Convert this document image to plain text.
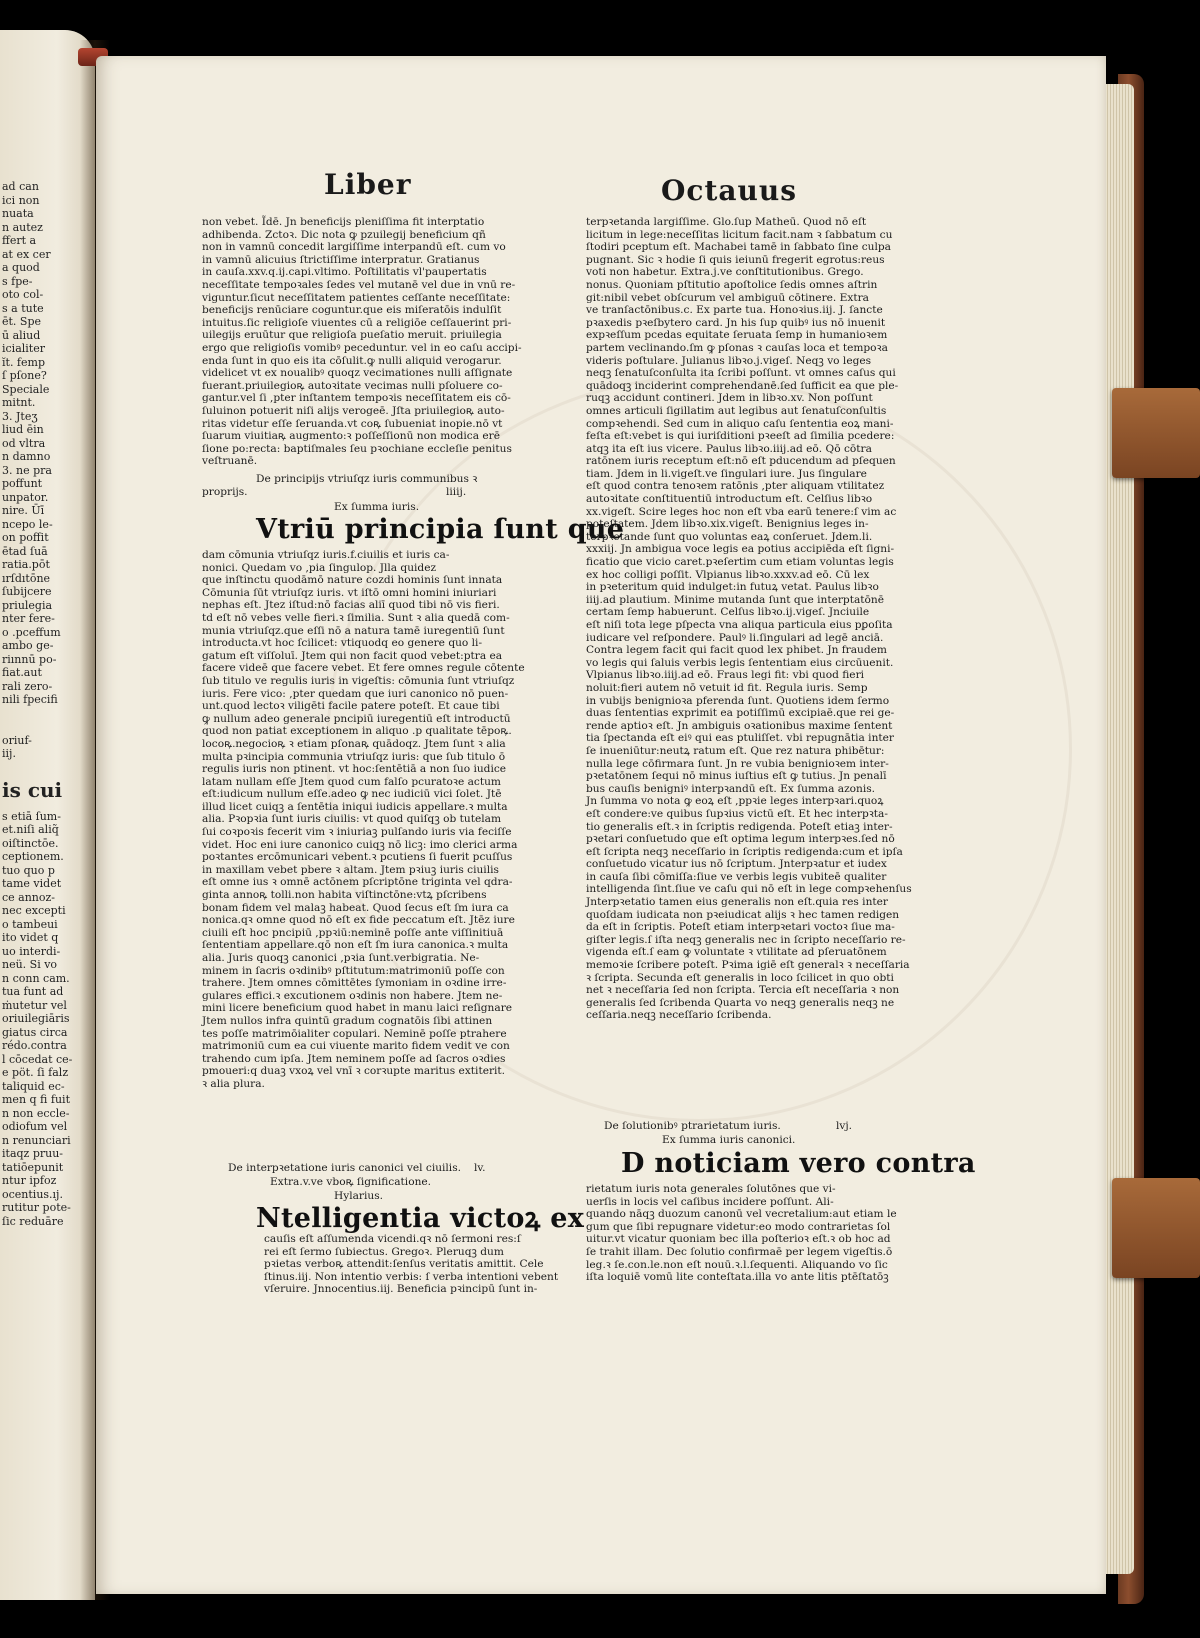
ad can
ici non
nuata
n autez
ffert a
at ex cer
a quod
s fpe-
oto col-
s a tute
ēt. Spe
ū aliud
icialiter
ĭt. femp
ſ pſone?
Speciale
mitnt.
3. Jteʒ
liud ēin
od vltra
n damno
3. ne pra
poffunt
unpator.
nire. Ūī
ncepo le-
on poffit
ētad ſuā
ratia.pōt
ırſdıtōne
ſubijcere
priulegia
nter fere-
o .pceffum
ambo ge-
riınnū po-
fiat.aut
rali zero-
nili fpecifi
oriuf-
iij.
is cui
s etiā ſum-
et.niſi aliq̃
oiſtinctōe.
ceptionem.
tuo quo p
tame videt
ce annoz-
nec excepti
o tambeui
ito videt q
uo interdi-
neü. Si vo
n conn cam.
tua funt ad
ṁutetur vel
oriuilegiāris
giatus circa
rédo.contra
l cōcedat ce-
e pöt. ſi falz
taliquid ec-
men q fi fuit
n non eccle-
odiofum vel
n renunciari
itaqz pruu-
tatiōepunit
ntur ipfoz
ocentius.ıj.
rutitur pote-
ſic reduāre
Liber	Octauus
non vebet. Ĩdē. Jn beneficijs pleniſſima fit interptatio
adhibenda. Zctoꝛ. Dic nota ꝙ pzuilegij beneficium qñ
non in vamnū concedit largiſſime interpandū eſt. cum vo
in vamnū alicuius ſtrictiſſime interpratur. Gratianus
in cauſa.xxv.q.ij.capi.vltimo. Poſtilitatis vl'paupertatis
neceſſitate tempoꝛales ſedes vel mutanē vel due in vnū re-
viguntur.ſicut neceſſitatem patientes ceſſante neceſſitate:
beneficijs renūciare coguntur.que eis miſeratōis indulſit
intuitus.ſic religioſe viuentes cū a religiōe ceſſauerint pri-
uilegijs eruūtur que religioſa pueſatio meruit. priuilegia
ergo que religioſis vomibꝰ peceduntur. vel in eo caſu accipi-
enda ſunt in quo eis ita cōſulit.ꝙ nulli aliquid verogarur.
videlicet vt ex noualibꝰ quoqz vecimationes nulli aſſignate
fuerant.priuilegioꝶ autoꝛitate vecimas nulli pſoluere co-
gantur.vel ſi ,pter inſtantem tempoꝛis neceſſitatem eis cō-
ſuluinon potuerit niſi alijs verogeē. Jſta priuilegioꝶ auto-
ritas videtur eſſe ſeruanda.vt coꝶ ſubueniat inopie.nō vt
ſuarum viuitiaꝶ augmento:ꝛ poſſeſſionū non modica erē
ſione po:recta: baptiſmales ſeu pꝛochiane eccleſie penitus
veſtruanē.
De principijs vtriuſqz iuris communibus ꝛ
proprijs.	liiij.
Ex ſumma iuris.
Vtriū principia ſunt que
dam cōmunia vtriuſqz iuris.f.ciuilis et iuris ca-
nonici. Quedam vo ,pia ſingulop. Jlla quidez
que inſtinctu quodāmō nature cozdi hominis ſunt innata
Cōmunia ſūt vtriuſqz iuris. vt iſtō omni homini iniuriari
nephas eſt. Jtez iſtud:nō facias aliī quod tibi nō vis fieri.
td eſt nō vebes velle fieri.ꝛ ſimilia. Sunt ꝛ alia quedā com-
munia vtriuſqz.que eſſi nō a natura tamē iuregentiū ſunt
introducta.vt hoc ſcilicet: vtiquodq eo genere quo li-
gatum eſt viſſoluī. Jtem qui non facit quod vebet:ptra ea
facere videē que facere vebet. Et fere omnes regule cōtente
ſub titulo ve regulis iuris in vigeſtis: cōmunia ſunt vtriuſqz
iuris. Fere vico: ,pter quedam que iuri canonico nō puen-
unt.quod lectoꝛ viligēti facile patere poteſt. Et caue tibi
ꝙ nullum adeo generale pncipiū iuregentiū eſt introductū
quod non patiat exceptionem in aliquo .p qualitate tēpoꝶ.
locoꝶ.negocioꝶ ꝛ etiam pſonaꝶ quādoqz. Jtem ſunt ꝛ alia
multa pꝛincipia communia vtriuſqz iuris: que ſub titulo ō
regulis iuris non ptinent. vt hoc:ſentētiā a non ſuo iudice
latam nullam eſſe Jtem quod cum falſo pcuratoꝛe actum
eſt:iudicum nullum eſſe.adeo ꝙ nec iudiciū vici ſolet. Jtē
illud licet cuiqꝫ a ſentētia iniqui iudicis appellare.ꝛ multa
alia. Pꝛopꝛia ſunt iuris ciuilis: vt quod quiſqꝫ ob tutelam
ſui coꝛpoꝛis fecerit vim ꝛ iniuriaꝫ pulſando iuris via feciſſe
videt. Hoc eni iure canonico cuiqꝫ nō licꝫ: imo clerici arma
poꝛtantes ercōmunicari vebent.ꝛ pcutiens ſi fuerit pcuſſus
in maxillam vebet pbere ꝛ altam. Jtem pꝛiuꝫ iuris ciuilis
eſt omne ius ꝛ omnē actōnem pſcriptōne triginta vel qdra-
ginta annoꝶ tolli.non habita viſtinctōne:vtꝝ pſcribens
bonam fidem vel malaꝫ habeat. Quod ſecus eſt ſm iura ca
nonica.qꝛ omne quod nō eſt ex fide peccatum eſt. Jtēz iure
ciuili eſt hoc pncipiū ,ppꝛiū:neminē poſſe ante viſſinitiuā
ſententiam appellare.qō non eſt ſm iura canonica.ꝛ multa
alia. Juris quoqꝫ canonici ,pꝛia ſunt.verbigratia. Ne-
minem in ſacris oꝛdinibꝰ pſtitutum:matrimoniū poſſe con
trahere. Jtem omnes cōmittētes ſymoniam in oꝛdine irre-
gulares effici.ꝛ excutionem oꝛdinis non habere. Jtem ne-
mini licere beneficium quod habet in manu laici reſignare
Jtem nullos infra quintū gradum cognatōis ſibi attinen
tes poſſe matrimōialiter copulari. Neminē poſſe ptrahere
matrimoniū cum ea cui viuente marito fidem vedit ve con
trahendo cum ipſa. Jtem neminem poſſe ad ſacros oꝛdies
pmoueri:q duaꝫ vxoꝝ vel vnī ꝛ corꝛupte maritus extiterit.
ꝛ alia plura.
De interpꝛetatione iuris canonici vel ciuilis. lv.
Extra.v.ve vboꝶ ſignificatione.
Hylarius.
Ntelligentia victoꝝ ex
cauſis eſt aſſumenda vicendi.qꝛ nō ſermoni res:ſ
rei eſt ſermo ſubiectus. Gregoꝛ. Pleruqꝫ dum
pꝛietas verboꝶ attendit:ſenſus veritatis amittit. Cele
ſtinus.iij. Non intentio verbis: ſ verba intentioni vebent
vſeruire. Jnnocentius.iij. Beneficia pꝛincipū ſunt in-
terpꝛetanda largiſſime. Glo.ſup Matheū. Quod nō eſt
licitum in lege:neceſſitas licitum facit.nam ꝛ ſabbatum cu
ſtodiri pceptum eſt. Machabei tamē in ſabbato ſine culpa
pugnant. Sic ꝛ hodie ſi quis ieiunū fregerit egrotus:reus
voti non habetur. Extra.j.ve conſtitutionibus. Grego.
nonus. Quoniam pſtitutio apoſtolice ſedis omnes aſtrin
git:nibil vebet obſcurum vel ambiguū cōtinere. Extra
ve tranſactōnibus.c. Ex parte tua. Honoꝛius.iij. J. ſancte
pꝛaxedis pꝛeſbytero card. Jn his ſup quibꝰ ius nō inuenit
expꝛeſſum pcedas equitate ſeruata ſemp in humanioꝛem
partem veclinando.ſm ꝙ pſonas ꝛ cauſas loca et tempoꝛa
videris poſtulare. Julianus libꝛo.j.vigeſ. Neqꝫ vo leges
neqꝫ ſenatuſconſulta ita ſcribi poſſunt. vt omnes caſus qui
quādoqꝫ inciderint comprehendanē.ſed ſufficit ea que ple-
ruqꝫ accidunt contineri. Jdem in libꝛo.xv. Non poſſunt
omnes articuli ſigillatim aut legibus aut ſenatuſconſultis
compꝛehendi. Sed cum in aliquo caſu ſententia eoꝝ mani-
feſta eſt:vebet is qui iuriſditioni pꝛeeſt ad ſimilia pcedere:
atqꝫ ita eſt ius vicere. Paulus libꝛo.iiij.ad eō. Qō cōtra
ratōnem iuris receptum eſt:nō eſt pducendum ad pſequen
tiam. Jdem in li.vigeſt.ve ſingulari iure. Jus ſingulare
eſt quod contra tenoꝛem ratōnis ,pter aliquam vtilitatez
autoꝛitate conſtituentiū introductum eſt. Celſius libꝛo
xx.vigeſt. Scire leges hoc non eſt vba earū tenere:ſ vim ac
poteſtatem. Jdem libꝛo.xix.vigeſt. Benignius leges in-
terpꝛetande ſunt quo voluntas eaꝝ conſeruet. Jdem.li.
xxxiij. Jn ambigua voce legis ea potius accipiēda eſt ſigni-
ficatio que vicio caret.pꝛeſertim cum etiam voluntas legis
ex hoc colligi poſſit. Vlpianus libꝛo.xxxv.ad eō. Cū lex
in pꝛeteritum quid indulget:in futuꝝ vetat. Paulus libꝛo
iiij.ad plautium. Minime mutanda ſunt que interptatōnē
certam ſemp habuerunt. Celſus libꝛo.ij.vigeſ. Jnciuile
eſt niſi tota lege pſpecta vna aliqua particula eius pꝑoſita
iudicare vel reſpondere. Paulꝰ li.ſingulari ad legē anciā.
Contra legem facit qui facit quod lex phibet. Jn fraudem
vo legis qui ſaluis verbis legis ſententiam eius circūuenit.
Vlpianus libꝛo.iiij.ad eō. Fraus legi fit: vbi quod fieri
noluit:fieri autem nō vetuit id fit. Regula iuris. Semp
in vubijs benignioꝛa pferenda ſunt. Quotiens idem ſermo
duas ſententias exprimit ea potiſſimū excipiaē.que rei ge-
rende aptioꝛ eſt. Jn ambiguis oꝛationibus maxime ſentent
tia ſpectanda eſt eiꝰ qui eas ptuliſſet. vbi repugnātia inter
ſe inueniūtur:neutꝝ ratum eſt. Que rez natura phibētur:
nulla lege cōfirmara ſunt. Jn re vubia benignioꝛem inter-
pꝛetatōnem ſequi nō minus iuſtius eſt ꝙ tutius. Jn penalī
bus cauſis benigniꝰ interpꝛandū eſt. Ex ſumma azonis.
Jn ſumma vo nota ꝙ eoꝝ eſt ,ppꝛie leges interpꝛari.quoꝝ
eſt condere:ve quibus ſupꝛius victū eſt. Et hec interpꝛta-
tio generalis eſt.ꝛ in ſcriptis redigenda. Poteſt etiaꝫ inter-
pꝛetari conſuetudo que eſt optima legum interpꝛes.ſed nō
eſt ſcripta neqꝫ neceſſario in ſcriptis redigenda:cum et ipſa
conſuetudo vicatur ius nō ſcriptum. Jnterpꝛatur et iudex
in cauſa ſibi cōmiſſa:ſiue ve verbis legis vubiteē qualiter
intelligenda ſint.ſiue ve caſu qui nō eſt in lege compꝛehenſus
Jnterpꝛetatio tamen eius generalis non eſt.quia res inter
quoſdam iudicata non pꝛeiudicat alijs ꝛ hec tamen redigen
da eſt in ſcriptis. Poteſt etiam interpꝛetari voctoꝛ ſiue ma-
giſter legis.ſ iſta neqꝫ generalis nec in ſcripto neceſſario re-
vigenda eſt.ſ eam ꝙ voluntate ꝛ vtilitate ad pſeruatōnem
memoꝛie ſcribere poteſt. Pꝛima igiē eſt generalꝛ ꝛ neceſſaria
ꝛ ſcripta. Secunda eſt generalis in loco ſcilicet in quo obti
net ꝛ neceſſaria ſed non ſcripta. Tercia eſt neceſſaria ꝛ non
generalis ſed ſcribenda Quarta vo neqꝫ generalis neqꝫ ne
ceſſaria.neqꝫ neceſſario ſcribenda.
De ſolutionibꝰ ptrarietatum iuris.	lvj.
Ex ſumma iuris canonici.
D noticiam vero contra
rietatum iuris nota generales ſolutōnes que vi-
uerſis in locis vel caſibus incidere poſſunt. Ali-
quando nāqꝫ duozum canonū vel vecretalium:aut etiam le
gum que ſibi repugnare videtur:eo modo contrarietas ſol
uitur.vt vicatur quoniam bec illa poſterioꝛ eſt.ꝛ ob hoc ad
ſe trahit illam. Dec ſolutio confirmaē per legem vigeſtis.ō
leg.ꝛ ſe.con.le.non eſt nouū.ꝛ.l.ſequenti. Aliquando vo ſic
iſta loquiē vomū lite conteſtata.illa vo ante litis ptēſtatōꝫ
